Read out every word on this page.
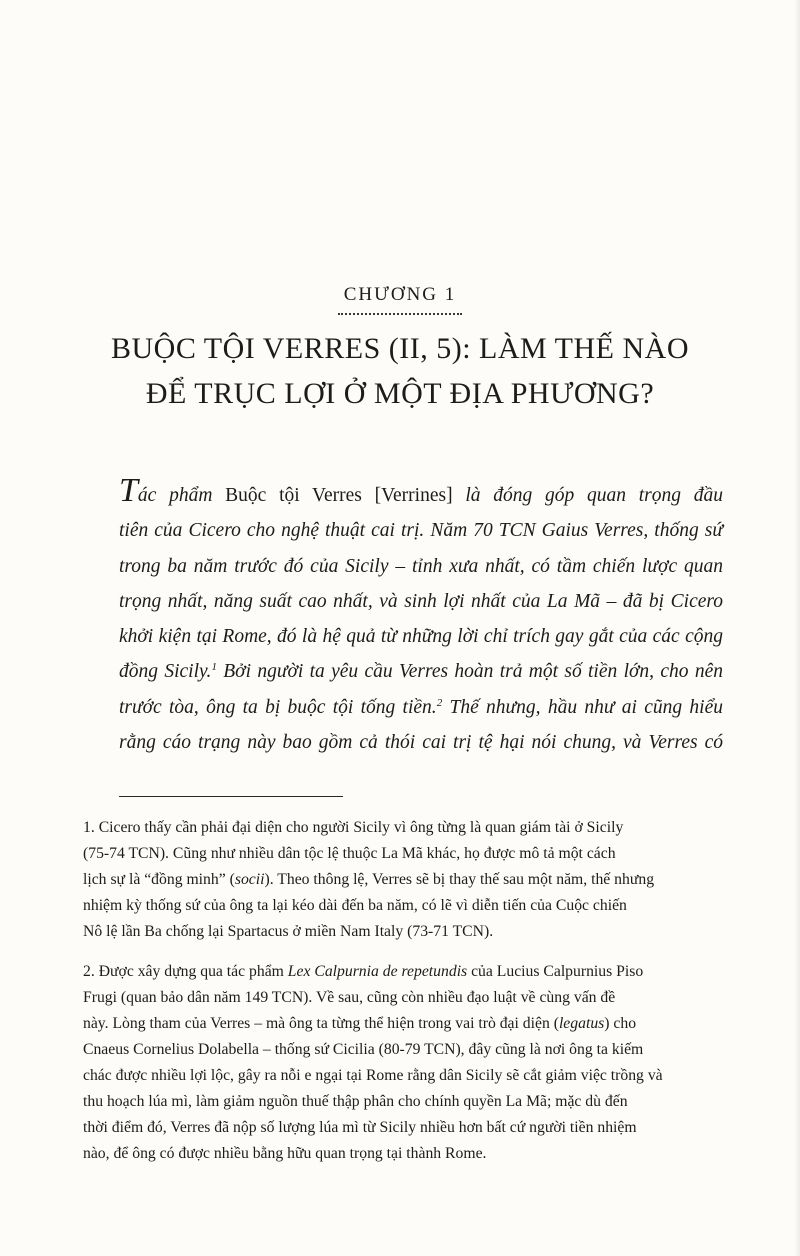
CHƯƠNG 1
BUỘC TỘI VERRES (II, 5): LÀM THẾ NÀO
ĐỂ TRỤC LỢI Ở MỘT ĐỊA PHƯƠNG?
Tác phẩm Buộc tội Verres [Verrines] là đóng góp quan trọng đầu
tiên của Cicero cho nghệ thuật cai trị. Năm 70 TCN Gaius Verres, thống sứ
trong ba năm trước đó của Sicily – tỉnh xưa nhất, có tầm chiến lược quan
trọng nhất, năng suất cao nhất, và sinh lợi nhất của La Mã – đã bị Cicero
khởi kiện tại Rome, đó là hệ quả từ những lời chỉ trích gay gắt của các cộng
đồng Sicily.$^1$ Bởi người ta yêu cầu Verres hoàn trả một số tiền lớn, cho nên
trước tòa, ông ta bị buộc tội tống tiền.$^2$ Thế nhưng, hầu như ai cũng hiểu
rằng cáo trạng này bao gồm cả thói cai trị tệ hại nói chung, và Verres có
1. Cicero thấy cần phải đại diện cho người Sicily vì ông từng là quan giám tài ở Sicily
(75-74 TCN). Cũng như nhiều dân tộc lệ thuộc La Mã khác, họ được mô tả một cách
lịch sự là “đồng minh” (socii). Theo thông lệ, Verres sẽ bị thay thế sau một năm, thế nhưng
nhiệm kỳ thống sứ của ông ta lại kéo dài đến ba năm, có lẽ vì diễn tiến của Cuộc chiến
Nô lệ lần Ba chống lại Spartacus ở miền Nam Italy (73-71 TCN).
2. Được xây dựng qua tác phẩm Lex Calpurnia de repetundis của Lucius Calpurnius Piso
Frugi (quan bảo dân năm 149 TCN). Về sau, cũng còn nhiều đạo luật về cùng vấn đề
này. Lòng tham của Verres – mà ông ta từng thể hiện trong vai trò đại diện (legatus) cho
Cnaeus Cornelius Dolabella – thống sứ Cicilia (80-79 TCN), đây cũng là nơi ông ta kiếm
chác được nhiều lợi lộc, gây ra nỗi e ngại tại Rome rằng dân Sicily sẽ cắt giảm việc trồng và
thu hoạch lúa mì, làm giảm nguồn thuế thập phân cho chính quyền La Mã; mặc dù đến
thời điểm đó, Verres đã nộp số lượng lúa mì từ Sicily nhiều hơn bất cứ người tiền nhiệm
nào, để ông có được nhiều bằng hữu quan trọng tại thành Rome.
